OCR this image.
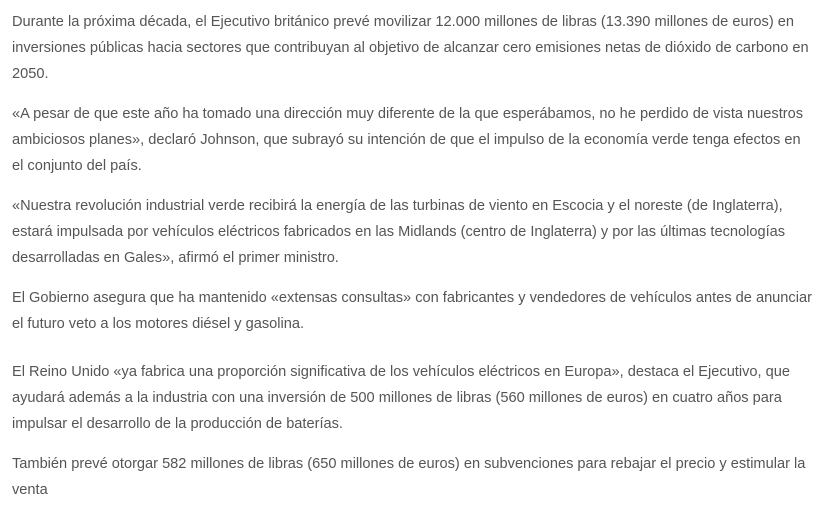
Durante la próxima década, el Ejecutivo británico prevé movilizar 12.000 millones de libras (13.390 millones de euros) en inversiones públicas hacia sectores que contribuyan al objetivo de alcanzar cero emisiones netas de dióxido de carbono en 2050.

«A pesar de que este año ha tomado una dirección muy diferente de la que esperábamos, no he perdido de vista nuestros ambiciosos planes», declaró Johnson, que subrayó su intención de que el impulso de la economía verde tenga efectos en el conjunto del país.

«Nuestra revolución industrial verde recibirá la energía de las turbinas de viento en Escocia y el noreste (de Inglaterra), estará impulsada por vehículos eléctricos fabricados en las Midlands (centro de Inglaterra) y por las últimas tecnologías desarrolladas en Gales», afirmó el primer ministro.

El Gobierno asegura que ha mantenido «extensas consultas» con fabricantes y vendedores de vehículos antes de anunciar el futuro veto a los motores diésel y gasolina.

El Reino Unido «ya fabrica una proporción significativa de los vehículos eléctricos en Europa», destaca el Ejecutivo, que ayudará además a la industria con una inversión de 500 millones de libras (560 millones de euros) en cuatro años para impulsar el desarrollo de la producción de baterías.

También prevé otorgar 582 millones de libras (650 millones de euros) en subvenciones para rebajar el precio y estimular la venta
